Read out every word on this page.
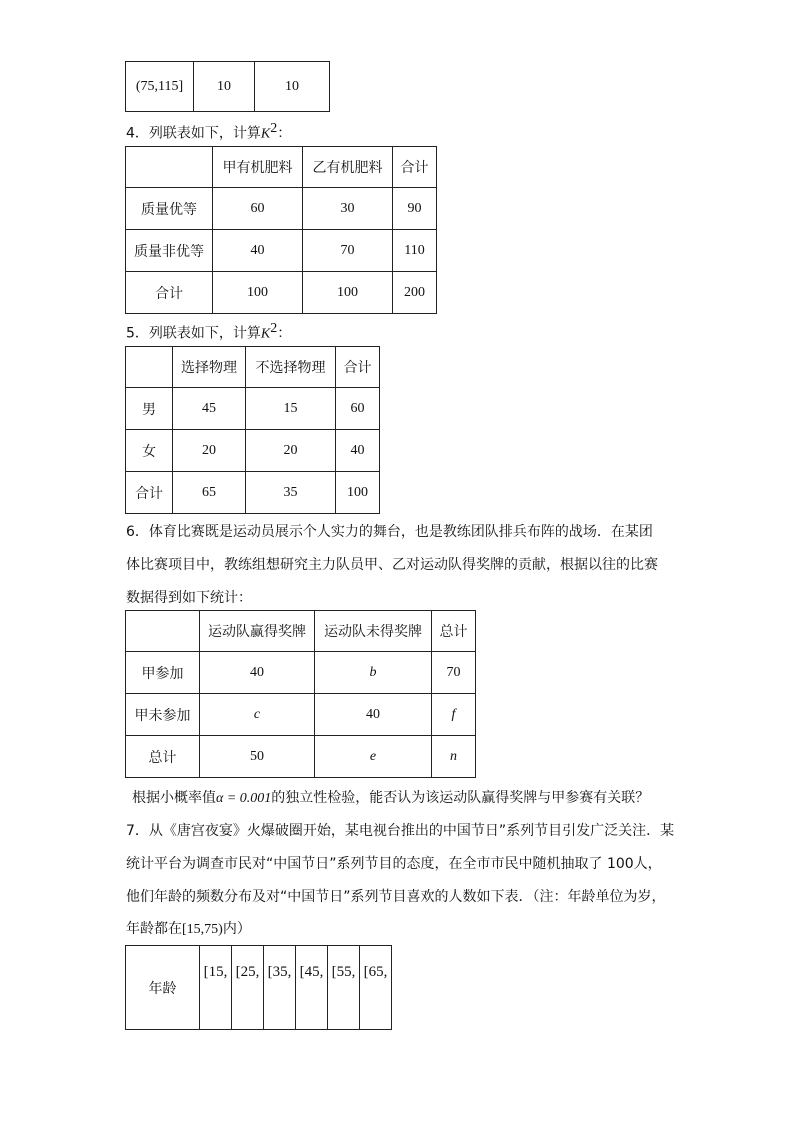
(75,115]	10	10
4．列联表如下，计算$K^2$：
	甲有机肥料	乙有机肥料	合计
质量优等	60	30	90
质量非优等	40	70	110
合计	100	100	200
5．列联表如下，计算$K^2$：
	选择物理	不选择物理	合计
男	45	15	60
女	20	20	40
合计	65	35	100
6．体育比赛既是运动员展示个人实力的舞台，也是教练团队排兵布阵的战场．在某团
体比赛项目中，教练组想研究主力队员甲、乙对运动队得奖牌的贡献，根据以往的比赛
数据得到如下统计：
	运动队赢得奖牌	运动队未得奖牌	总计
甲参加	40	b	70
甲未参加	c	40	f
总计	50	e	n
根据小概率值α = 0.001的独立性检验，能否认为该运动队赢得奖牌与甲参赛有关联？
7．从《唐宫夜宴》火爆破圈开始，某电视台推出的中国节日”系列节目引发广泛关注．某
统计平台为调查市民对“中国节日”系列节目的态度，在全市市民中随机抽取了 100人，
他们年龄的频数分布及对“中国节日”系列节目喜欢的人数如下表．（注：年龄单位为岁，
年龄都在[15,75)内）
年龄	[15,	[25,	[35,	[45,	[55,	[65,
